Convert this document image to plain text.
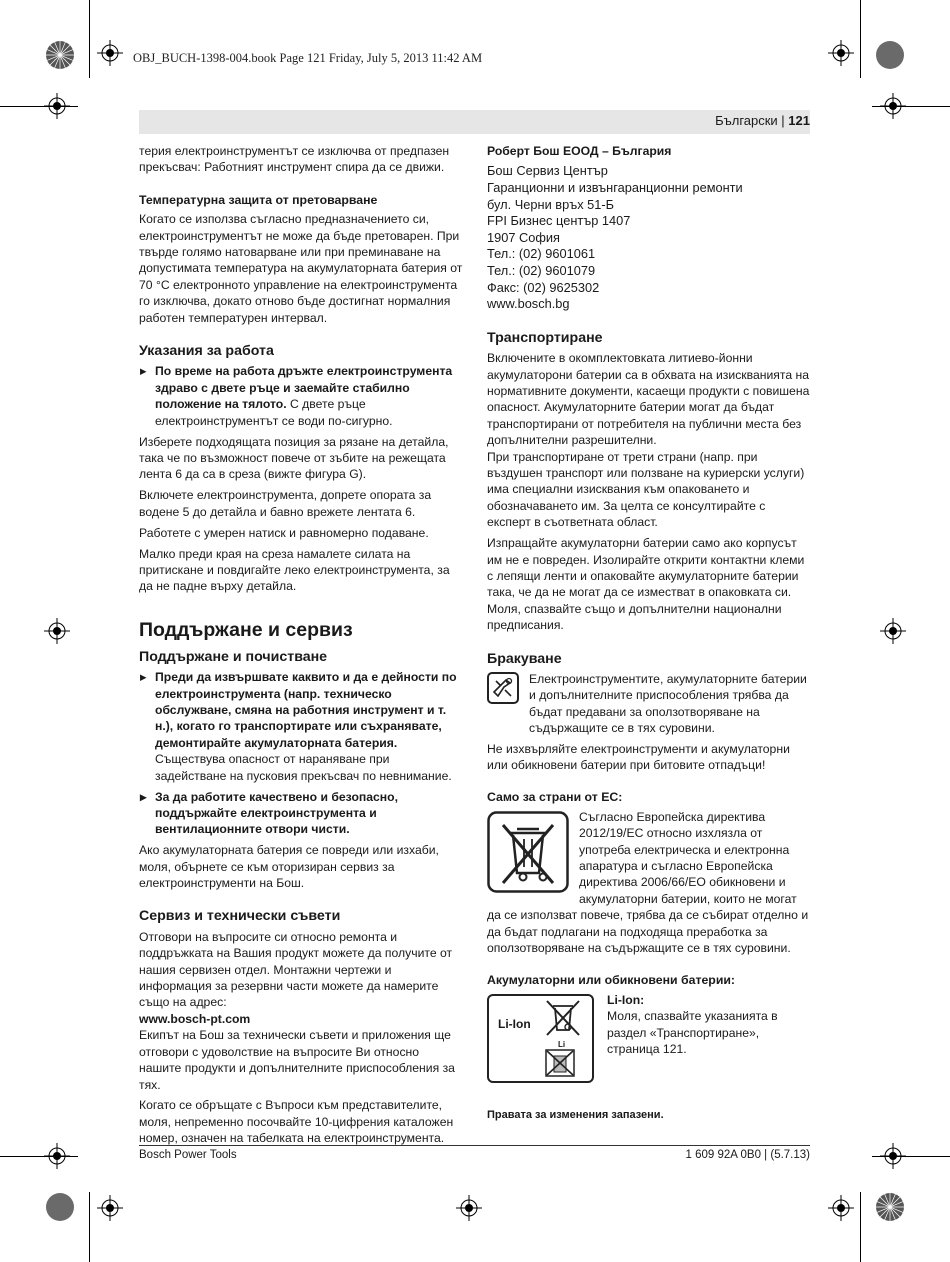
OBJ_BUCH-1398-004.book Page 121 Friday, July 5, 2013 11:42 AM
Български | 121

терия електроинструментът се изключва от предпазен прекъсвач: Работният инструмент спира да се движи.

Температурна защита от претоварване

Когато се използва съгласно предназначението си, електроинструментът не може да бъде претоварен. При твърде голямо натоварване или при преминаване на допустимата температура на акумулаторната батерия от 70 °C електронното управление на електроинструмента го изключва, докато отново бъде достигнат нормалния работен температурен интервал.

Указания за работа
▶ По време на работа дръжте електроинструмента здраво с двете ръце и заемайте стабилно положение на тялото. С двете ръце електроинструментът се води по-сигурно.

Изберете подходящата позиция за рязане на детайла, така че по възможност повече от зъбите на режещата лента 6 да са в среза (вижте фигура G).

Включете електроинструмента, допрете опората за водене 5 до детайла и бавно врежете лентата 6.

Работете с умерен натиск и равномерно подаване.

Малко преди края на среза намалете силата на притискане и повдигайте леко електроинструмента, за да не падне върху детайла.

Поддържане и сервиз
Поддържане и почистване
▶ Преди да извършвате каквито и да е дейности по електроинструмента (напр. техническо обслужване, смяна на работния инструмент и т. н.), когато го транспортирате или съхранявате, демонтирайте акумулаторната батерия. Съществува опасност от нараняване при задействане на пусковия прекъсвач по невнимание.
▶ За да работите качествено и безопасно, поддържайте електроинструмента и вентилационните отвори чисти.

Ако акумулаторната батерия се повреди или изхаби, моля, обърнете се към оторизиран сервиз за електроинструменти на Бош.

Сервиз и технически съвети

Отговори на въпросите си относно ремонта и поддръжката на Вашия продукт можете да получите от нашия сервизен отдел. Монтажни чертежи и информация за резервни части можете да намерите също на адрес:

www.bosch-pt.com

Екипът на Бош за технически съвети и приложения ще отговори с удоволствие на въпросите Ви относно нашите продукти и допълнителните приспособления за тях.

Когато се обръщате с Въпроси към представителите, моля, непременно посочвайте 10-цифрения каталожен номер, означен на табелката на електроинструмента.

Роберт Бош ЕООД – България
Бош Сервиз Център
Гаранционни и извънгаранционни ремонти
бул. Черни връх 51-Б
FPI Бизнес център 1407
1907 София
Тел.: (02) 9601061
Тел.: (02) 9601079
Факс: (02) 9625302
www.bosch.bg
Транспортиране

Включените в окомплектовката литиево-йонни акумулаторони батерии са в обхвата на изискванията на нормативните документи, касаещи продукти с повишена опасност. Акумулаторните батерии могат да бъдат транспортирани от потребителя на публични места без допълнителни разрешителни.

При транспортиране от трети страни (напр. при въздушен транспорт или ползване на куриерски услуги) има специални изисквания към опаковането и обозначаването им. За целта се консултирайте с експерт в съответната област.

Изпращайте акумулаторни батерии само ако корпусът им не е повреден. Изолирайте открити контактни клеми с лепящи ленти и опаковайте акумулаторните батерии така, че да не могат да се изместват в опаковката си.

Моля, спазвайте също и допълнителни национални предписания.

Бракуване
Електроинструментите, акумулаторните батерии и допълнителните приспособления трябва да бъдат предавани за оползотворяване на съдържащите се в тях суровини.

Не изхвърляйте електроинструменти и акумулаторни или обикновени батерии при битовите отпадъци!

Само за страни от ЕС:

Съгласно Европейска директива 2012/19/ЕС относно изхлязла от употреба електрическа и електронна апаратура и съгласно Европейска директива 2006/66/ЕО обикновени и акумулаторни батерии, които не могат да се използват повече, трябва да се събират отделно и да бъдат подлагани на подходяща преработка за оползотворяване на съдържащите се в тях суровини.

Акумулаторни или обикновени батерии:
Li-Ion
Li
Li-Ion:
Моля, спазвайте указанията в раздел «Транспортиране», страница 121.

Правата за изменения запазени.

Bosch Power Tools	1 609 92A 0B0 | (5.7.13)
